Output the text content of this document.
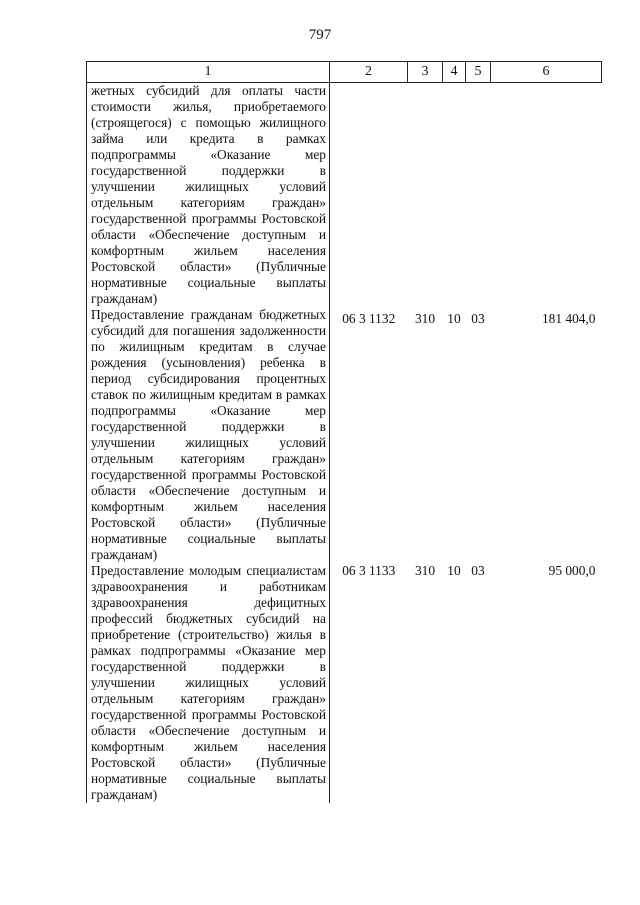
797
1	2	3	4	5	6
жетных субсидий для оплаты части стоимости жилья, приобретаемого (строящегося) с помощью жилищного займа или кредита в рамках подпрограммы «Оказание мер государственной поддержки в улучшении жилищных условий отдельным категориям граждан» государственной программы Ростовской области «Обеспечение доступным и комфортным жильем населения Ростовской области» (Публичные нормативные социальные выплаты гражданам)					
Предоставление гражданам бюджетных субсидий для погашения задолженности по жилищным кредитам в случае рождения (усыновления) ребенка в период субсидирования процентных ставок по жилищным кредитам в рамках подпрограммы «Оказание мер государственной поддержки в улучшении жилищных условий отдельным категориям граждан» государственной программы Ростовской области «Обеспечение доступным и комфортным жильем населения Ростовской области» (Публичные нормативные социальные выплаты гражданам)	06 3 1132	310	10	03	181 404,0
Предоставление молодым специалистам здравоохранения и работникам здравоохранения дефицитных профессий бюджетных субсидий на приобретение (строительство) жилья в рамках подпрограммы «Оказание мер государственной поддержки в улучшении жилищных условий отдельным категориям граждан» государственной программы Ростовской области «Обеспечение доступным и комфортным жильем населения Ростовской области» (Публичные нормативные социальные выплаты гражданам)	06 3 1133	310	10	03	95 000,0
